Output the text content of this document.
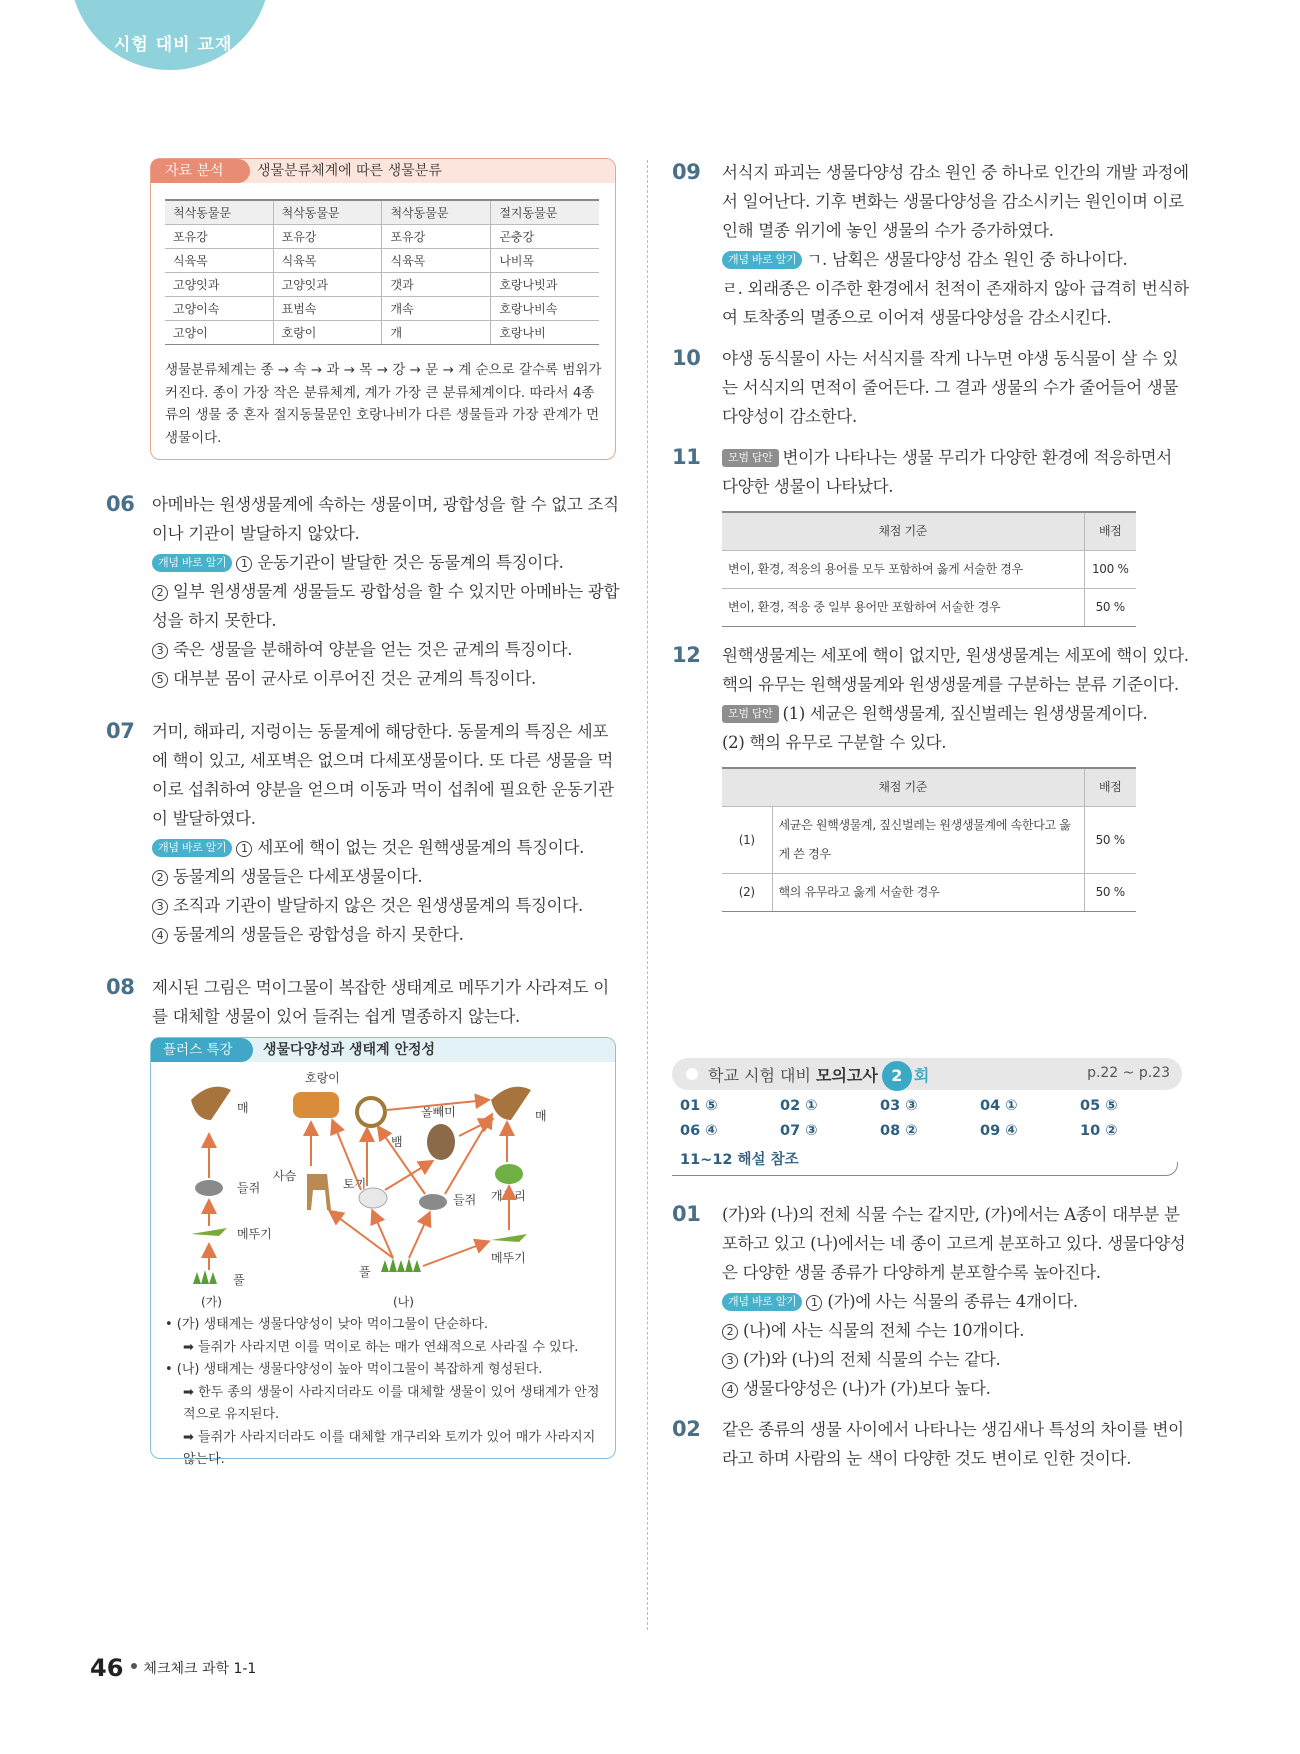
시험 대비 교재
자료 분석	생물분류체계에 따른 생물분류
척삭동물문	척삭동물문	척삭동물문	절지동물문
포유강	포유강	포유강	곤충강
식육목	식육목	식육목	나비목
고양잇과	고양잇과	갯과	호랑나빗과
고양이속	표범속	개속	호랑나비속
고양이	호랑이	개	호랑나비
생물분류체계는 종 → 속 → 과 → 목 → 강 → 문 → 계 순으로 갈수록 범위가 커진다. 종이 가장 작은 분류체계, 계가 가장 큰 분류체계이다. 따라서 4종류의 생물 중 혼자 절지동물문인 호랑나비가 다른 생물들과 가장 관계가 먼 생물이다.
06 아메바는 원생생물계에 속하는 생물이며, 광합성을 할 수 없고 조직이나 기관이 발달하지 않았다.
개념 바로 알기 1 운동기관이 발달한 것은 동물계의 특징이다.
2 일부 원생생물계 생물들도 광합성을 할 수 있지만 아메바는 광합성을 하지 못한다.
3 죽은 생물을 분해하여 양분을 얻는 것은 균계의 특징이다.
5 대부분 몸이 균사로 이루어진 것은 균계의 특징이다.
07 거미, 해파리, 지렁이는 동물계에 해당한다. 동물계의 특징은 세포에 핵이 있고, 세포벽은 없으며 다세포생물이다. 또 다른 생물을 먹이로 섭취하여 양분을 얻으며 이동과 먹이 섭취에 필요한 운동기관이 발달하였다.
개념 바로 알기 1 세포에 핵이 없는 것은 원핵생물계의 특징이다.
2 동물계의 생물들은 다세포생물이다.
3 조직과 기관이 발달하지 않은 것은 원생생물계의 특징이다.
4 동물계의 생물들은 광합성을 하지 못한다.
08 제시된 그림은 먹이그물이 복잡한 생태계로 메뚜기가 사라져도 이를 대체할 생물이 있어 들쥐는 쉽게 멸종하지 않는다.
플러스 특강	생물다양성과 생태계 안정성
매
들쥐
메뚜기
풀
(가)
호랑이
뱀
올빼미	매
사슴
토끼
들쥐 개구리
메뚜기
풀
(나)
• (가) 생태계는 생물다양성이 낮아 먹이그물이 단순하다.
➡ 들쥐가 사라지면 이를 먹이로 하는 매가 연쇄적으로 사라질 수 있다.
• (나) 생태계는 생물다양성이 높아 먹이그물이 복잡하게 형성된다.
➡ 한두 종의 생물이 사라지더라도 이를 대체할 생물이 있어 생태계가 안정적으로 유지된다.
➡ 들쥐가 사라지더라도 이를 대체할 개구리와 토끼가 있어 매가 사라지지 않는다.
09 서식지 파괴는 생물다양성 감소 원인 중 하나로 인간의 개발 과정에서 일어난다. 기후 변화는 생물다양성을 감소시키는 원인이며 이로 인해 멸종 위기에 놓인 생물의 수가 증가하였다.
개념 바로 알기 ㄱ. 남획은 생물다양성 감소 원인 중 하나이다.
ㄹ. 외래종은 이주한 환경에서 천적이 존재하지 않아 급격히 번식하여 토착종의 멸종으로 이어져 생물다양성을 감소시킨다.
10 야생 동식물이 사는 서식지를 작게 나누면 야생 동식물이 살 수 있는 서식지의 면적이 줄어든다. 그 결과 생물의 수가 줄어들어 생물다양성이 감소한다.
11	모범 답안 변이가 나타나는 생물 무리가 다양한 환경에 적응하면서 다양한 생물이 나타났다.
채점 기준	배점
변이, 환경, 적응의 용어를 모두 포함하여 옳게 서술한 경우	100 %
변이, 환경, 적응 중 일부 용어만 포함하여 서술한 경우	50 %
12 원핵생물계는 세포에 핵이 없지만, 원생생물계는 세포에 핵이 있다. 핵의 유무는 원핵생물계와 원생생물계를 구분하는 분류 기준이다.
모범 답안 (1) 세균은 원핵생물계, 짚신벌레는 원생생물계이다.
(2) 핵의 유무로 구분할 수 있다.
채점 기준		배점
(1)	세균은 원핵생물계, 짚신벌레는 원생생물계에 속한다고 옳게 쓴 경우	50 %
(2)	핵의 유무라고 옳게 서술한 경우	50 %
학교 시험 대비 모의고사 2 회	p.22 ~ p.23
01 ⑤	02 ①	03 ③	04 ①	05 ⑤
06 ④	07 ③	08 ②	09 ④	10 ②
11~12 해설 참조
01 (가)와 (나)의 전체 식물 수는 같지만, (가)에서는 A종이 대부분 분포하고 있고 (나)에서는 네 종이 고르게 분포하고 있다. 생물다양성은 다양한 생물 종류가 다양하게 분포할수록 높아진다.
개념 바로 알기 1 (가)에 사는 식물의 종류는 4개이다.
2 (나)에 사는 식물의 전체 수는 10개이다.
3 (가)와 (나)의 전체 식물의 수는 같다.
4 생물다양성은 (나)가 (가)보다 높다.
02 같은 종류의 생물 사이에서 나타나는 생김새나 특성의 차이를 변이라고 하며 사람의 눈 색이 다양한 것도 변이로 인한 것이다.
46 체크체크 과학 1-1
